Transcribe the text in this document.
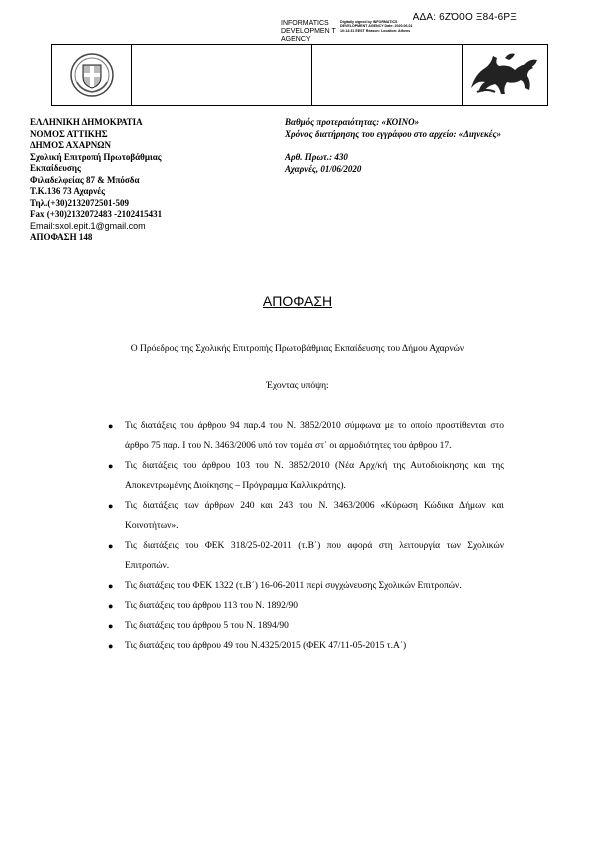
ΑΔΑ: 6ΖΌ0Ο Ξ84-6ΡΞ
INFORMATICS DEVELOPMEN T AGENCY
Digitally signed by INFORMATICS DEVELOPMENT AGENCY Date: 2020.06.01 10:14:31 EEST Reason: Location: Athens
ΕΛΛΗΝΙΚΗ ΔΗΜΟΚΡΑΤΙΑ
ΝΟΜΟΣ ΑΤΤΙΚΗΣ
ΔΗΜΟΣ ΑΧΑΡΝΩΝ
Σχολική Επιτροπή Πρωτοβάθμιας
Εκπαίδευσης
Φιλαδελφείας 87 & Μπόσδα
Τ.Κ.136 73 Αχαρνές
Τηλ.(+30)2132072501-509
Fax (+30)2132072483 -2102415431
Email:sxol.epit.1@gmail.com
ΑΠΟΦΑΣΗ 148
Βαθμός προτεραιότητας: «ΚΟΙΝΟ»
Χρόνος διατήρησης του εγγράφου στο αρχείο: «Διηνεκές»
Αρθ. Πρωτ.: 430
Αχαρνές, 01/06/2020
ΑΠΟΦΑΣΗ
Ο Πρόεδρος της Σχολικής Επιτροπής Πρωτοβάθμιας Εκπαίδευσης του Δήμου Αχαρνών
Έχοντας υπόψη:
● Τις διατάξεις του άρθρου 94 παρ.4 του Ν. 3852/2010 σύμφωνα με το οποίο προστίθενται στο άρθρο 75 παρ. Ι του Ν. 3463/2006 υπό τον τομέα στ΄ οι αρμοδιότητες του άρθρου 17.
● Τις διατάξεις του άρθρου 103 του Ν. 3852/2010 (Νέα Αρχ/κή της Αυτοδιοίκησης και της Αποκεντρωμένης Διοίκησης – Πρόγραμμα Καλλικράτης).
● Τις διατάξεις των άρθρων 240 και 243 του Ν. 3463/2006 «Κύρωση Κώδικα Δήμων και Κοινοτήτων».
● Τις διατάξεις του ΦΕΚ 318/25-02-2011 (τ.Β΄) που αφορά στη λειτουργία των Σχολικών Επιτροπών.
● Τις διατάξεις του ΦΕΚ 1322 (τ.Β΄) 16-06-2011 περί συγχώνευσης Σχολικών Επιτροπών.
● Τις διατάξεις του άρθρου 113 του Ν. 1892/90
● Τις διατάξεις του άρθρου 5 του Ν. 1894/90
● Τις διατάξεις του άρθρου 49 του Ν.4325/2015 (ΦΕΚ 47/11-05-2015 τ.Α΄)
